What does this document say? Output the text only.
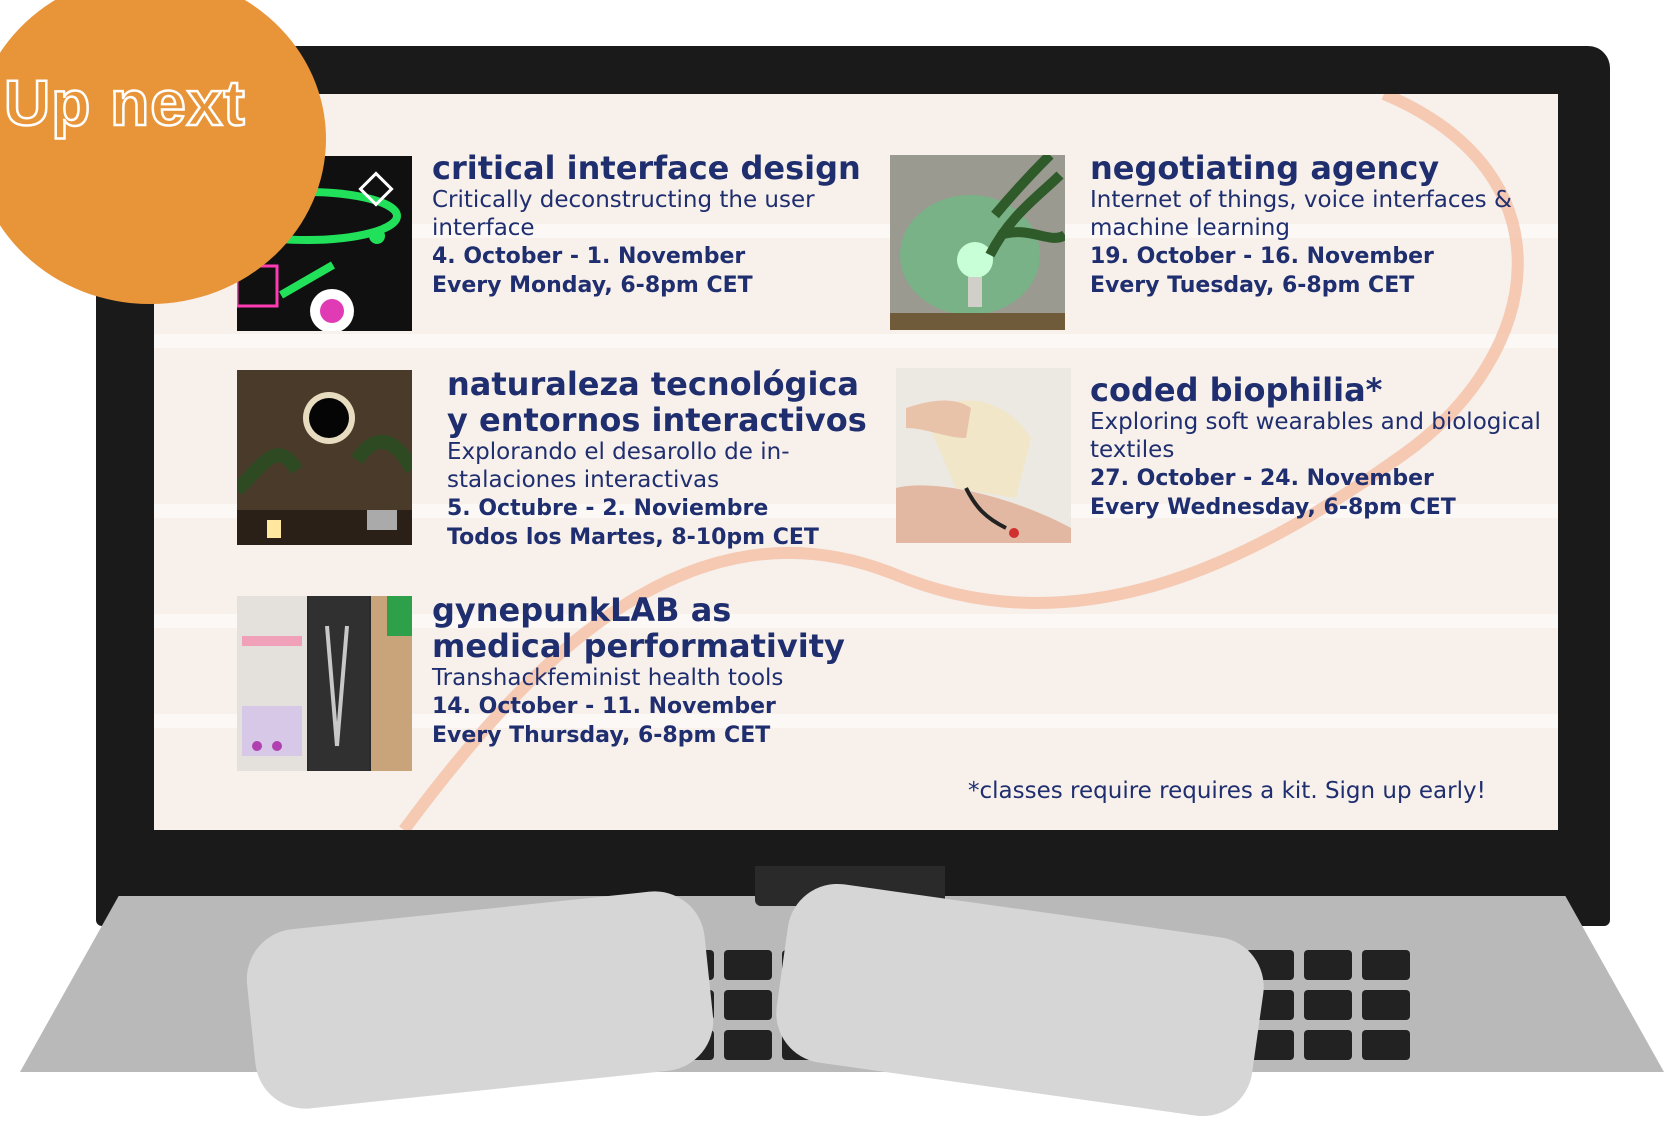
critical interface design

Critically deconstructing the user interface

4. October - 1. November

Every Monday, 6-8pm CET

negotiating agency

Internet of things, voice interfaces & machine learning

19. October - 16. November

Every Tuesday, 6-8pm CET

naturaleza tecnológica y entornos interactivos

Explorando el desarollo de in-stalaciones interactivas

5. Octubre - 2. Noviembre

Todos los Martes, 8-10pm CET

coded biophilia*

Exploring soft wearables and biological textiles

27. October - 24. November

Every Wednesday, 6-8pm CET

gynepunkLAB as medical performativity

Transhackfeminist health tools

14. October - 11. November

Every Thursday, 6-8pm CET

*classes require requires a kit. Sign up early!
Up next
